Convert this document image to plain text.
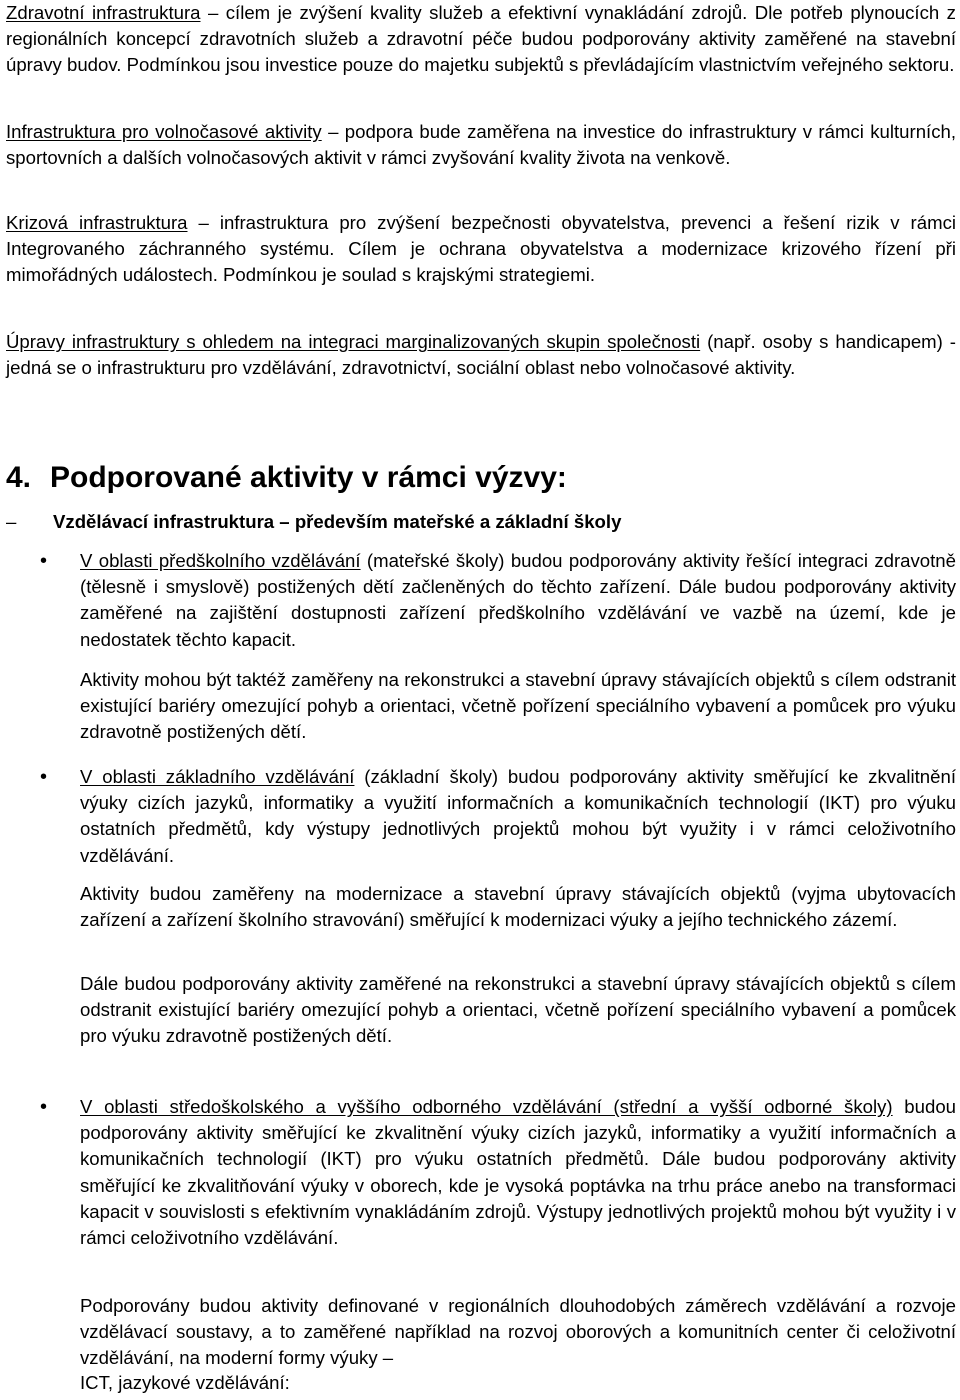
Zdravotní infrastruktura – cílem je zvýšení kvality služeb a efektivní vynakládání zdrojů. Dle potřeb plynoucích z regionálních koncepcí zdravotních služeb a zdravotní péče budou podporovány aktivity zaměřené na stavební úpravy budov. Podmínkou jsou investice pouze do majetku subjektů s převládajícím vlastnictvím veřejného sektoru.

Infrastruktura pro volnočasové aktivity – podpora bude zaměřena na investice do infrastruktury v rámci kulturních, sportovních a dalších volnočasových aktivit v rámci zvyšování kvality života na venkově.

Krizová infrastruktura – infrastruktura pro zvýšení bezpečnosti obyvatelstva, prevenci a řešení rizik v rámci Integrovaného záchranného systému. Cílem je ochrana obyvatelstva a modernizace krizového řízení při mimořádných událostech. Podmínkou je soulad s krajskými strategiemi.

Úpravy infrastruktury s ohledem na integraci marginalizovaných skupin společnosti (např. osoby s handicapem) - jedná se o infrastrukturu pro vzdělávání, zdravotnictví, sociální oblast nebo volnočasové aktivity.

4. Podporované aktivity v rámci výzvy:

– Vzdělávací infrastruktura – především mateřské a základní školy

• V oblasti předškolního vzdělávání (mateřské školy) budou podporovány aktivity řešící integraci zdravotně (tělesně i smyslově) postižených dětí začleněných do těchto zařízení. Dále budou podporovány aktivity zaměřené na zajištění dostupnosti zařízení předškolního vzdělávání ve vazbě na území, kde je nedostatek těchto kapacit.

Aktivity mohou být taktéž zaměřeny na rekonstrukci a stavební úpravy stávajících objektů s cílem odstranit existující bariéry omezující pohyb a orientaci, včetně pořízení speciálního vybavení a pomůcek pro výuku zdravotně postižených dětí.

• V oblasti základního vzdělávání (základní školy) budou podporovány aktivity směřující ke zkvalitnění výuky cizích jazyků, informatiky a využití informačních a komunikačních technologií (IKT) pro výuku ostatních předmětů, kdy výstupy jednotlivých projektů mohou být využity i v rámci celoživotního vzdělávání.

Aktivity budou zaměřeny na modernizace a stavební úpravy stávajících objektů (vyjma ubytovacích zařízení a zařízení školního stravování) směřující k modernizaci výuky a jejího technického zázemí.

Dále budou podporovány aktivity zaměřené na rekonstrukci a stavební úpravy stávajících objektů s cílem odstranit existující bariéry omezující pohyb a orientaci, včetně pořízení speciálního vybavení a pomůcek pro výuku zdravotně postižených dětí.

• V oblasti středoškolského a vyššího odborného vzdělávání (střední a vyšší odborné školy) budou podporovány aktivity směřující ke zkvalitnění výuky cizích jazyků, informatiky a využití informačních a komunikačních technologií (IKT) pro výuku ostatních předmětů. Dále budou podporovány aktivity směřující ke zkvalitňování výuky v oborech, kde je vysoká poptávka na trhu práce anebo na transformaci kapacit v souvislosti s efektivním vynakládáním zdrojů. Výstupy jednotlivých projektů mohou být využity i v rámci celoživotního vzdělávání.

Podporovány budou aktivity definované v regionálních dlouhodobých záměrech vzdělávání a rozvoje vzdělávací soustavy, a to zaměřené například na rozvoj oborových a komunitních center či celoživotní vzdělávání, na moderní formy výuky –

ICT, jazykové vzdělávání:
